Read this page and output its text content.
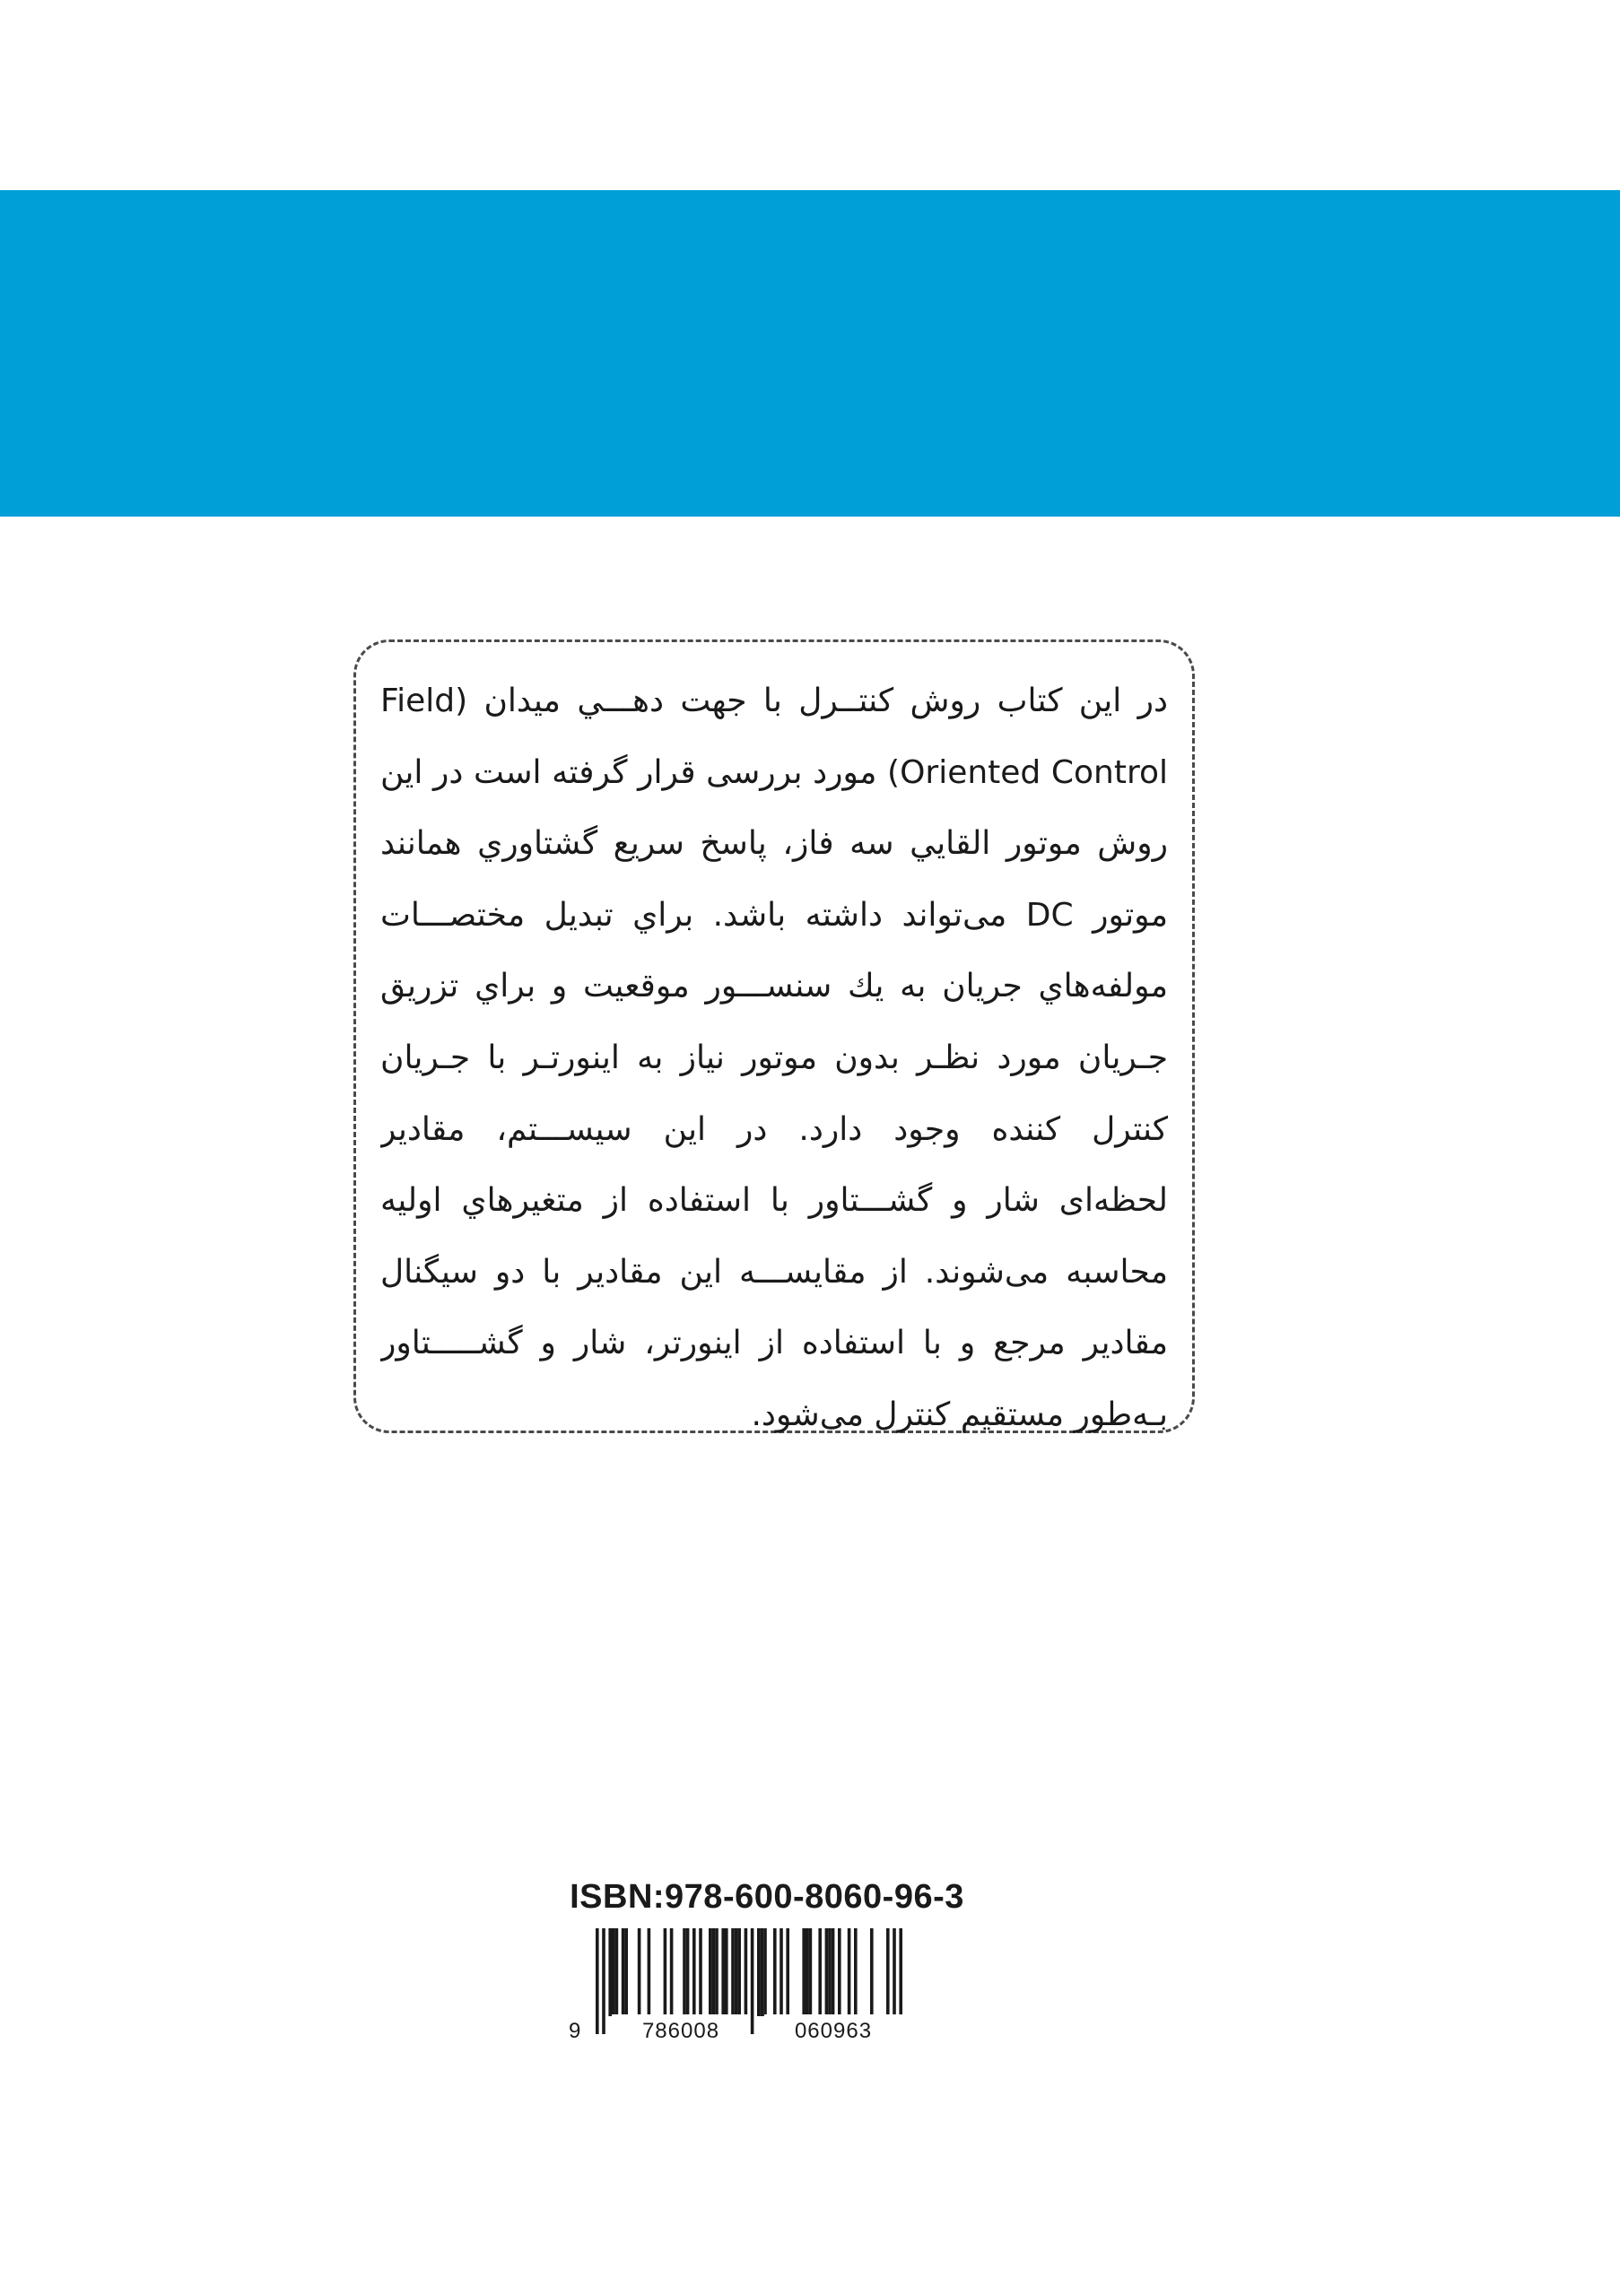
در این کتاب روش کنتــرل با جهت دهـــي میدان (Field
Oriented Control) مورد بررسی قرار گرفته است در این
روش موتور القايي سه فاز، پاسخ سریع گشتاوري همانند
موتور DC می‌تواند داشته باشد. براي تبديل مختصـــات
مولفه‌هاي جريان به يك سنســـور موقعيت و براي تزريق
جـريان مورد نظـر بدون موتور نياز به اينورتـر با جـريان
كنترل كننده وجود دارد. در اين سيســـتم، مقادير
لحظه‌ای شار و گشـــتاور با استفاده از متغیرهاي اولیه
محاسبه می‌شوند. از مقایســـه این مقادیر با دو سیگنال
مقادیر مرجع و با استفاده از اینورتر، شار و گشـــــتاور
بـه‌طور مستقیم کنترل می‌شود.
ISBN:978-600-8060-96-3
9	786008	060963
